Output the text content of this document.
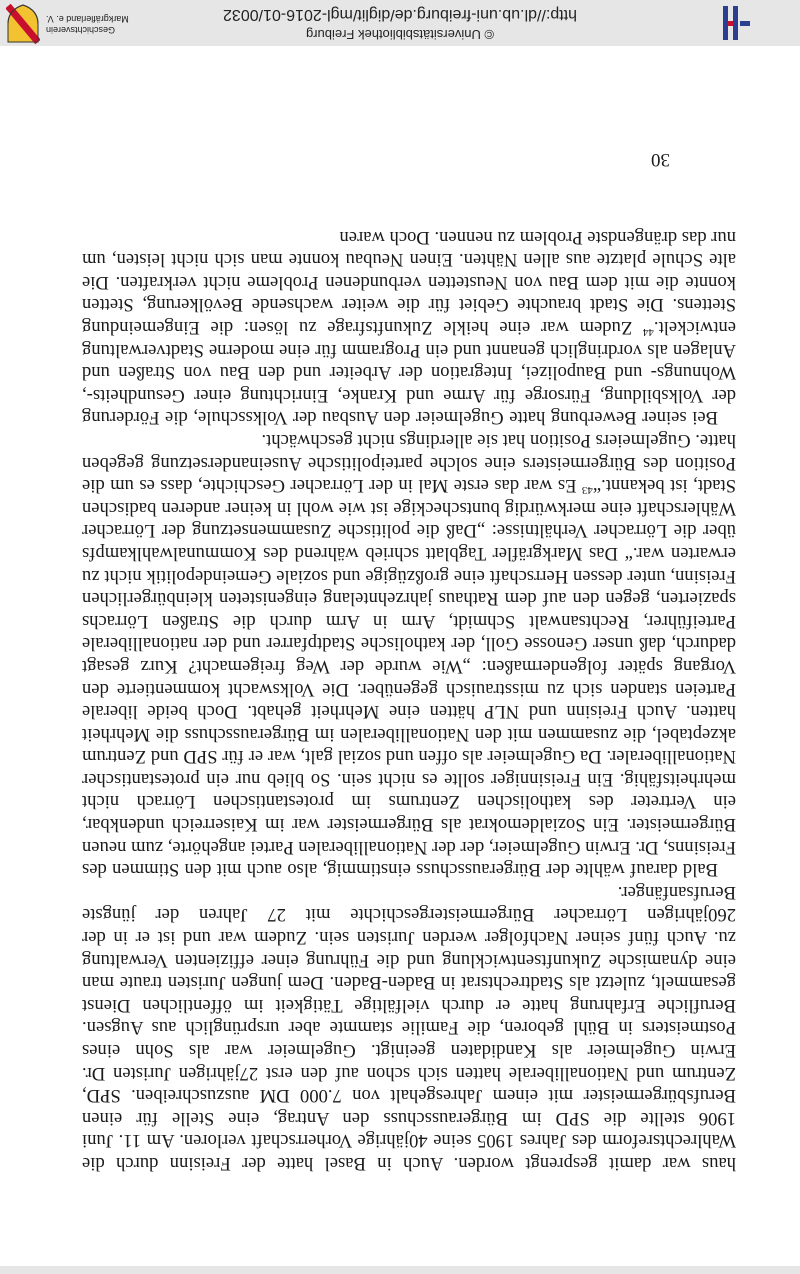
haus war damit gesprengt worden. Auch in Basel hatte der Freisinn durch die Wahlrechtsreform des Jahres 1905 seine 40jährige Vorherrschaft verloren. Am 11. Juni 1906 stellte die SPD im Bürgerausschuss den Antrag, eine Stelle für einen Berufsbürgermeister mit einem Jahresgehalt von 7.000 DM auszuschreiben. SPD, Zentrum und Nationalliberale hatten sich schon auf den erst 27jährigen Juristen Dr. Erwin Gugelmeier als Kandidaten geeinigt. Gugelmeier war als Sohn eines Postmeisters in Bühl geboren, die Familie stammte aber ursprünglich aus Augsen. Berufliche Erfahrung hatte er durch vielfältige Tätigkeit im öffentlichen Dienst gesammelt, zuletzt als Stadtrechtsrat in Baden-Baden. Dem jungen Juristen traute man eine dynamische Zukunftsentwicklung und die Führung einer effizienten Verwaltung zu. Auch fünf seiner Nachfolger werden Juristen sein. Zudem war und ist er in der 260jährigen Lörracher Bürgermeistergeschichte mit 27 Jahren der jüngste Berufsanfänger.

Bald darauf wählte der Bürgerausschuss einstimmig, also auch mit den Stimmen des Freisinns, Dr. Erwin Gugelmeier, der der Nationalliberalen Partei angehörte, zum neuen Bürgermeister. Ein Sozialdemokrat als Bürgermeister war im Kaiserreich undenkbar, ein Vertreter des katholischen Zentrums im protestantischen Lörrach nicht mehrheitsfähig. Ein Freisinniger sollte es nicht sein. So blieb nur ein protestantischer Nationalliberaler. Da Gugelmeier als offen und sozial galt, war er für SPD und Zentrum akzeptabel, die zusammen mit den Nationalliberalen im Bürgerausschuss die Mehrheit hatten. Auch Freisinn und NLP hätten eine Mehrheit gehabt. Doch beide liberale Parteien standen sich zu misstrauisch gegenüber. Die Volkswacht kommentierte den Vorgang später folgendermaßen: „Wie wurde der Weg freigemacht? Kurz gesagt dadurch, daß unser Genosse Goll, der katholische Stadtpfarrer und der nationalliberale Parteiführer, Rechtsanwalt Schmidt, Arm in Arm durch die Straßen Lörrachs spazierten, gegen den auf dem Rathaus jahrzehntelang eingenisteten kleinbürgerlichen Freisinn, unter dessen Herrschaft eine großzügige und soziale Gemeindepolitik nicht zu erwarten war.“ Das Markgräfler Tagblatt schrieb während des Kommunalwahlkampfs über die Lörracher Verhältnisse: „Daß die politische Zusammensetzung der Lörracher Wählerschaft eine merkwürdig buntscheckige ist wie wohl in keiner anderen badischen Stadt, ist bekannt.“$^{43}$ Es war das erste Mal in der Lörracher Geschichte, dass es um die Position des Bürgermeisters eine solche parteipolitische Auseinandersetzung gegeben hatte. Gugelmeiers Position hat sie allerdings nicht geschwächt.

Bei seiner Bewerbung hatte Gugelmeier den Ausbau der Volksschule, die Förderung der Volksbildung, Fürsorge für Arme und Kranke, Einrichtung einer Gesundheits-, Wohnungs- und Baupolizei, Integration der Arbeiter und den Bau von Straßen und Anlagen als vordringlich genannt und ein Programm für eine moderne Stadtverwaltung entwickelt.$^{44}$ Zudem war eine heikle Zukunftsfrage zu lösen: die Eingemeindung Stettens. Die Stadt brauchte Gebiet für die weiter wachsende Bevölkerung, Stetten konnte die mit dem Bau von Neustetten verbundenen Probleme nicht verkraften. Die alte Schule platzte aus allen Nähten. Einen Neubau konnte man sich nicht leisten, um nur das drängendste Problem zu nennen. Doch waren

30
© Universitätsbibliothek Freiburg
http://dl.ub.uni-freiburg.de/diglit/mgl-2016-01/0032
Geschichtsverein
Markgräflerland e. V.
